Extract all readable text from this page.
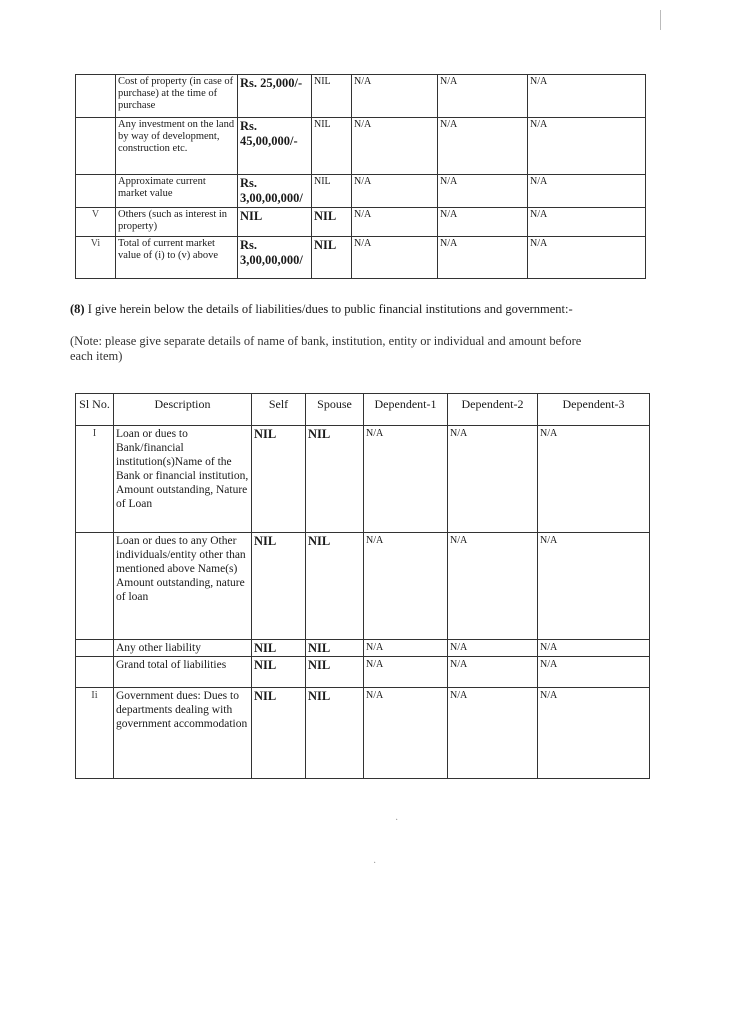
	Cost of property (in case of purchase) at the time of purchase	Rs. 25,000/-	NIL	N/A	N/A	N/A
	Any investment on the land by way of development, construction etc.	Rs. 45,00,000/-	NIL	N/A	N/A	N/A
	Approximate current market value	Rs. 3,00,00,000/	NIL	N/A	N/A	N/A
V	Others (such as interest in property)	NIL	NIL	N/A	N/A	N/A
Vi	Total of current market value of (i) to (v) above	Rs. 3,00,00,000/	NIL	N/A	N/A	N/A

(8) I give herein below the details of liabilities/dues to public financial institutions and government:-

(Note: please give separate details of name of bank, institution, entity or individual and amount before each item)

Sl No.	Description	Self	Spouse	Dependent-1	Dependent-2	Dependent-3
I	Loan or dues to Bank/financial institution(s)Name of the Bank or financial institution, Amount outstanding, Nature of Loan	NIL	NIL	N/A	N/A	N/A
	Loan or dues to any Other individuals/entity other than mentioned above Name(s) Amount outstanding, nature of loan	NIL	NIL	N/A	N/A	N/A
	Any other liability	NIL	NIL	N/A	N/A	N/A
	Grand total of liabilities	NIL	NIL	N/A	N/A	N/A
Ii	Government dues: Dues to departments dealing with government accommodation	NIL	NIL	N/A	N/A	N/A
·
·
